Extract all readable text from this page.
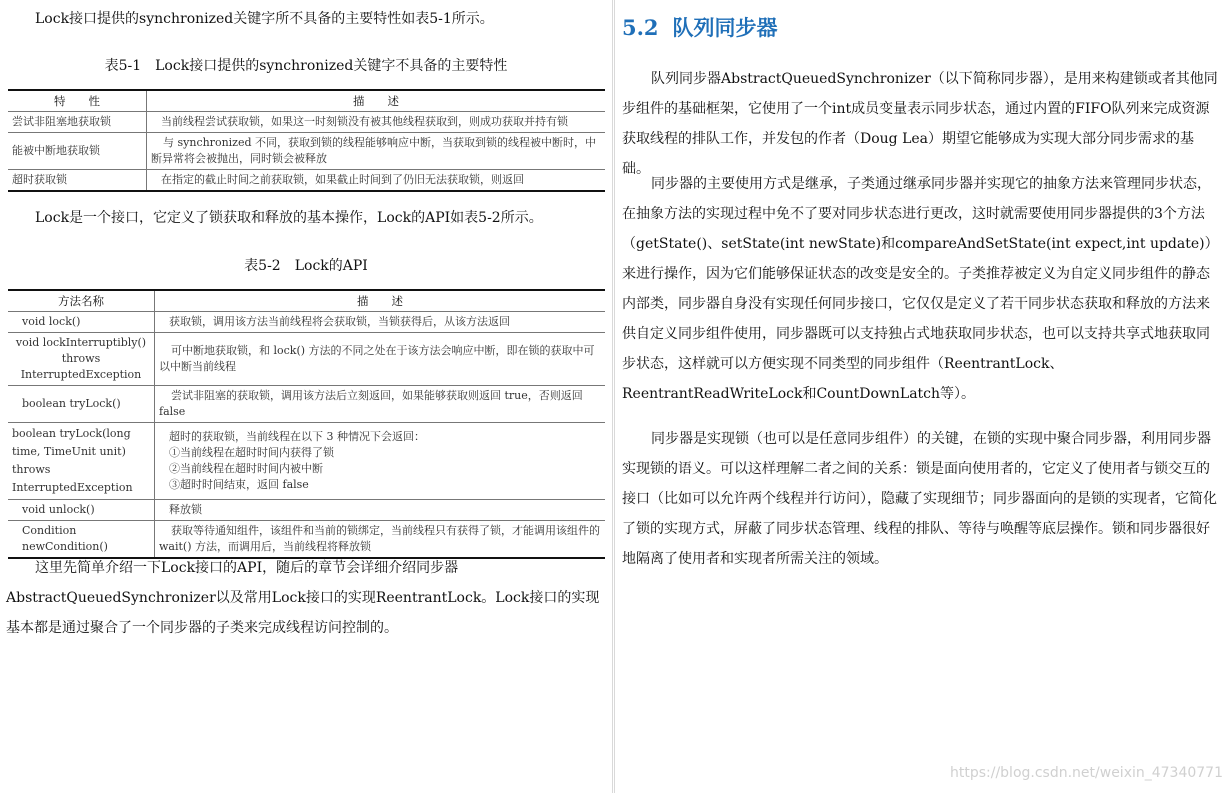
Lock接口提供的synchronized关键字所不具备的主要特性如表5-1所示。

表5-1　Lock接口提供的synchronized关键字不具备的主要特性

特　　性	描　　述
尝试非阻塞地获取锁	当前线程尝试获取锁，如果这一时刻锁没有被其他线程获取到，则成功获取并持有锁
能被中断地获取锁	与 synchronized 不同，获取到锁的线程能够响应中断，当获取到锁的线程被中断时，中断异常将会被抛出，同时锁会被释放
超时获取锁	在指定的截止时间之前获取锁，如果截止时间到了仍旧无法获取锁，则返回

Lock是一个接口，它定义了锁获取和释放的基本操作，Lock的API如表5-2所示。

表5-2　Lock的API

方法名称	描　　述
void lock()	获取锁，调用该方法当前线程将会获取锁，当锁获得后，从该方法返回
void lockInterruptibly() throws InterruptedException	可中断地获取锁，和 lock() 方法的不同之处在于该方法会响应中断，即在锁的获取中可以中断当前线程
boolean tryLock()	尝试非阻塞的获取锁，调用该方法后立刻返回，如果能够获取则返回 true，否则返回 false
boolean tryLock(long time, TimeUnit unit) throws InterruptedException	超时的获取锁，当前线程在以下 3 种情况下会返回：
①当前线程在超时时间内获得了锁
②当前线程在超时时间内被中断
③超时时间结束，返回 false
void unlock()	释放锁
Condition newCondition()	获取等待通知组件，该组件和当前的锁绑定，当前线程只有获得了锁，才能调用该组件的 wait() 方法，而调用后，当前线程将释放锁

这里先简单介绍一下Lock接口的API，随后的章节会详细介绍同步器AbstractQueuedSynchronizer以及常用Lock接口的实现ReentrantLock。Lock接口的实现基本都是通过聚合了一个同步器的子类来完成线程访问控制的。

5.2 队列同步器

队列同步器AbstractQueuedSynchronizer（以下简称同步器），是用来构建锁或者其他同步组件的基础框架，它使用了一个int成员变量表示同步状态，通过内置的FIFO队列来完成资源获取线程的排队工作，并发包的作者（Doug Lea）期望它能够成为实现大部分同步需求的基础。

同步器的主要使用方式是继承，子类通过继承同步器并实现它的抽象方法来管理同步状态，在抽象方法的实现过程中免不了要对同步状态进行更改，这时就需要使用同步器提供的3个方法（getState()、setState(int newState)和compareAndSetState(int expect,int update)）来进行操作，因为它们能够保证状态的改变是安全的。子类推荐被定义为自定义同步组件的静态内部类，同步器自身没有实现任何同步接口，它仅仅是定义了若干同步状态获取和释放的方法来供自定义同步组件使用，同步器既可以支持独占式地获取同步状态，也可以支持共享式地获取同步状态，这样就可以方便实现不同类型的同步组件（ReentrantLock、ReentrantReadWriteLock和CountDownLatch等）。

同步器是实现锁（也可以是任意同步组件）的关键，在锁的实现中聚合同步器，利用同步器实现锁的语义。可以这样理解二者之间的关系：锁是面向使用者的，它定义了使用者与锁交互的接口（比如可以允许两个线程并行访问），隐藏了实现细节；同步器面向的是锁的实现者，它简化了锁的实现方式，屏蔽了同步状态管理、线程的排队、等待与唤醒等底层操作。锁和同步器很好地隔离了使用者和实现者所需关注的领域。

https://blog.csdn.net/weixin_47340771
